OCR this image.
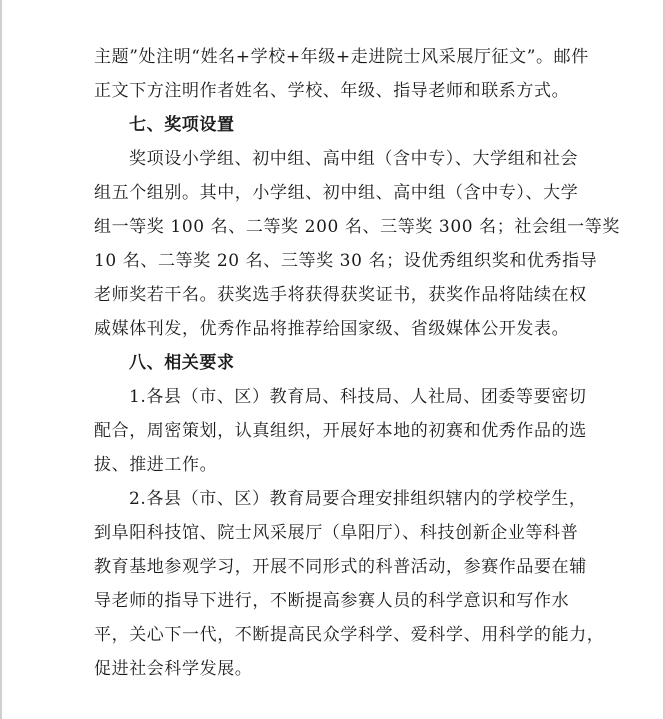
主题”处注明“姓名+学校+年级+走进院士风采展厅征文”。邮件
正文下方注明作者姓名、学校、年级、指导老师和联系方式。
七、奖项设置
奖项设小学组、初中组、高中组（含中专）、大学组和社会
组五个组别。其中，小学组、初中组、高中组（含中专）、大学
组一等奖 100 名、二等奖 200 名、三等奖 300 名；社会组一等奖
10 名、二等奖 20 名、三等奖 30 名；设优秀组织奖和优秀指导
老师奖若干名。获奖选手将获得获奖证书，获奖作品将陆续在权
威媒体刊发，优秀作品将推荐给国家级、省级媒体公开发表。
八、相关要求
1.各县（市、区）教育局、科技局、人社局、团委等要密切
配合，周密策划，认真组织，开展好本地的初赛和优秀作品的选
拔、推进工作。
2.各县（市、区）教育局要合理安排组织辖内的学校学生，
到阜阳科技馆、院士风采展厅（阜阳厅）、科技创新企业等科普
教育基地参观学习，开展不同形式的科普活动，参赛作品要在辅
导老师的指导下进行，不断提高参赛人员的科学意识和写作水
平，关心下一代，不断提高民众学科学、爱科学、用科学的能力，
促进社会科学发展。
